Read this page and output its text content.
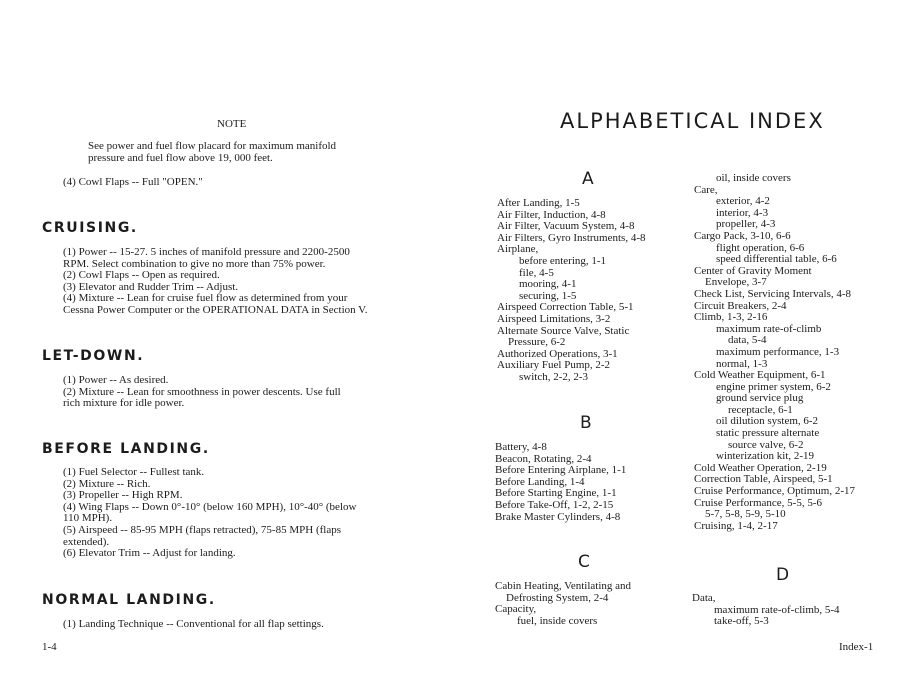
NOTE
See power and fuel flow placard for maximum manifold
pressure and fuel flow above 19, 000 feet.
(4) Cowl Flaps -- Full "OPEN."
CRUISING.
(1) Power -- 15-27. 5 inches of manifold pressure and 2200-2500
RPM. Select combination to give no more than 75% power.
(2) Cowl Flaps -- Open as required.
(3) Elevator and Rudder Trim -- Adjust.
(4) Mixture -- Lean for cruise fuel flow as determined from your
Cessna Power Computer or the OPERATIONAL DATA in Section V.
LET-DOWN.
(1) Power -- As desired.
(2) Mixture -- Lean for smoothness in power descents. Use full
rich mixture for idle power.
BEFORE LANDING.
(1) Fuel Selector -- Fullest tank.
(2) Mixture -- Rich.
(3) Propeller -- High RPM.
(4) Wing Flaps -- Down 0°-10° (below 160 MPH), 10°-40° (below
110 MPH).
(5) Airspeed -- 85-95 MPH (flaps retracted), 75-85 MPH (flaps
extended).
(6) Elevator Trim -- Adjust for landing.
NORMAL LANDING.
(1) Landing Technique -- Conventional for all flap settings.
1-4
ALPHABETICAL INDEX
A
After Landing, 1-5
Air Filter, Induction, 4-8
Air Filter, Vacuum System, 4-8
Air Filters, Gyro Instruments, 4-8
Airplane,
before entering, 1-1
file, 4-5
mooring, 4-1
securing, 1-5
Airspeed Correction Table, 5-1
Airspeed Limitations, 3-2
Alternate Source Valve, Static
Pressure, 6-2
Authorized Operations, 3-1
Auxiliary Fuel Pump, 2-2
switch, 2-2, 2-3
B
Battery, 4-8
Beacon, Rotating, 2-4
Before Entering Airplane, 1-1
Before Landing, 1-4
Before Starting Engine, 1-1
Before Take-Off, 1-2, 2-15
Brake Master Cylinders, 4-8
C
Cabin Heating, Ventilating and
Defrosting System, 2-4
Capacity,
fuel, inside covers
oil, inside covers
Care,
exterior, 4-2
interior, 4-3
propeller, 4-3
Cargo Pack, 3-10, 6-6
flight operation, 6-6
speed differential table, 6-6
Center of Gravity Moment
Envelope, 3-7
Check List, Servicing Intervals, 4-8
Circuit Breakers, 2-4
Climb, 1-3, 2-16
maximum rate-of-climb
data, 5-4
maximum performance, 1-3
normal, 1-3
Cold Weather Equipment, 6-1
engine primer system, 6-2
ground service plug
receptacle, 6-1
oil dilution system, 6-2
static pressure alternate
source valve, 6-2
winterization kit, 2-19
Cold Weather Operation, 2-19
Correction Table, Airspeed, 5-1
Cruise Performance, Optimum, 2-17
Cruise Performance, 5-5, 5-6
5-7, 5-8, 5-9, 5-10
Cruising, 1-4, 2-17
D
Data,
maximum rate-of-climb, 5-4
take-off, 5-3
Index-1
